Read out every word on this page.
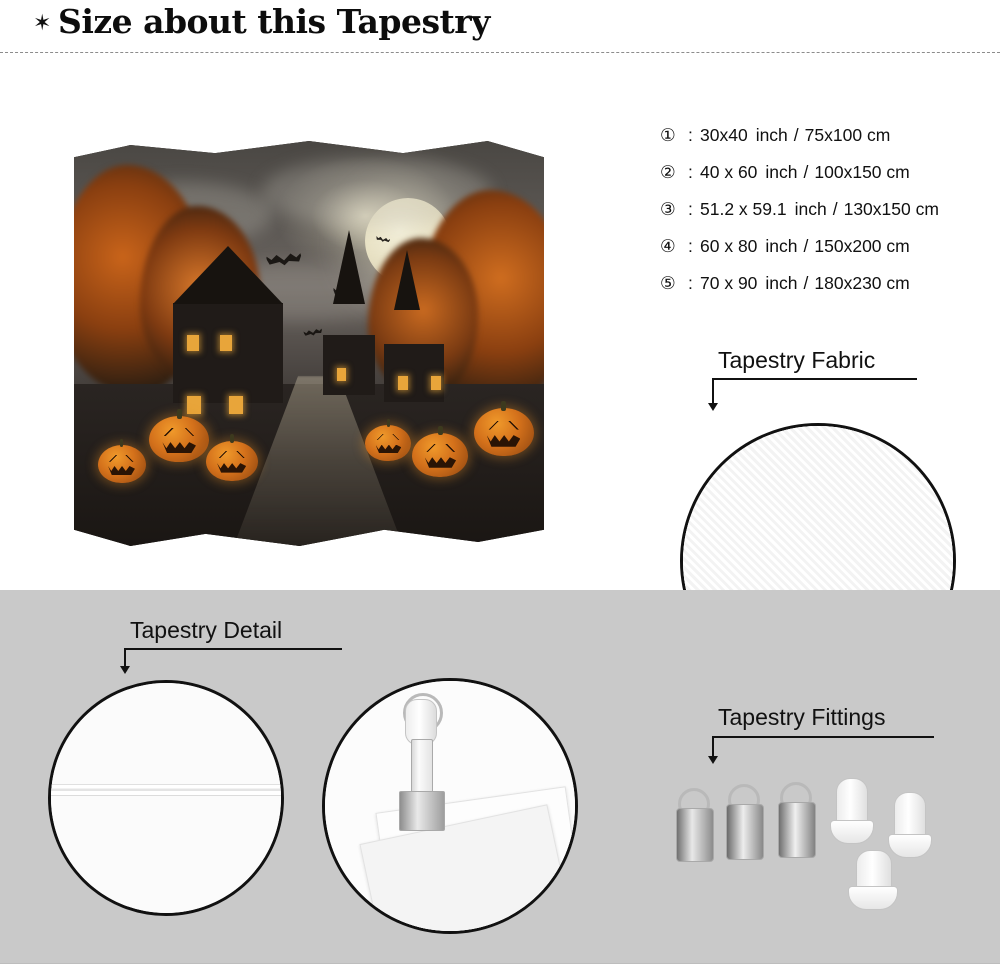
✶ Size about this Tapestry
① : 30x40 inch / 75x100 cm
② : 40 x 60 inch / 100x150 cm
③ : 51.2 x 59.1 inch / 130x150 cm
④ : 60 x 80 inch / 150x200 cm
⑤ : 70 x 90 inch / 180x230 cm
Tapestry Fabric
Tapestry Detail
Tapestry Fittings
